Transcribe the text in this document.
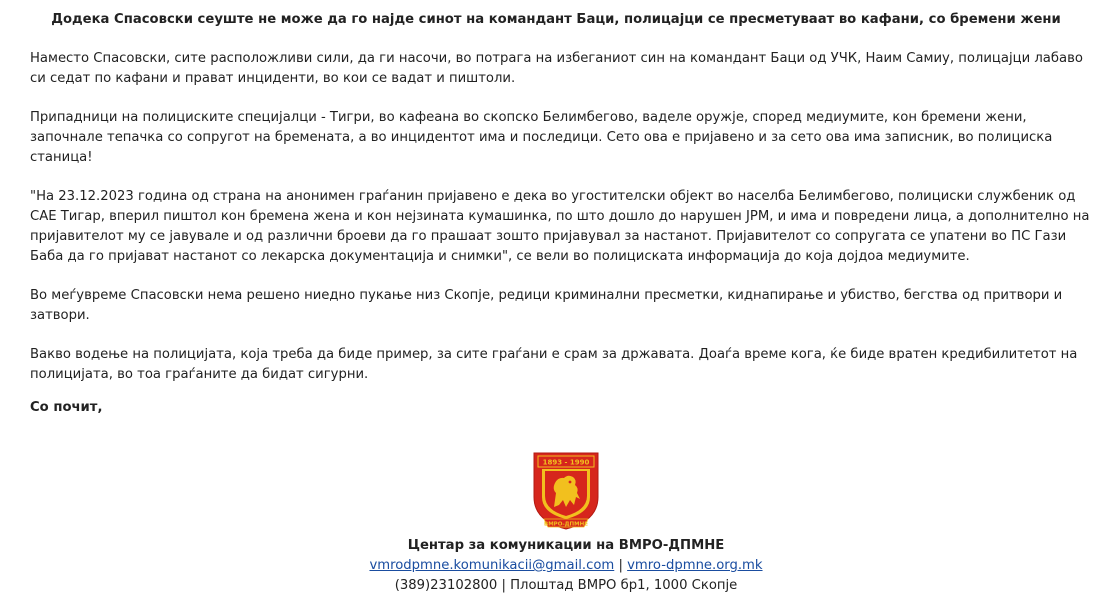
Додека Спасовски сеуште не може да го најде синот на командант Баци, полицајци се пресметуваат во кафани, со бремени жени

Наместо Спасовски, сите расположливи сили, да ги насочи, во потрага на избеганиот син на командант Баци од УЧК, Наим Самиу, полицајци лабаво си седат по кафани и прават инциденти, во кои се вадат и пиштоли.

Припадници на полициските специјалци - Тигри, во кафеана во скопско Белимбегово, ваделе оружје, според медиумите, кон бремени жени, започнале тепачка со сопругот на бремената, а во инцидентот има и последици. Сето ова е пријавено и за сето ова има записник, во полициска станица!

"На 23.12.2023 година од страна на анонимен граѓанин пријавено е дека во угостителски објект во населба Белимбегово, полициски службеник од САЕ Тигар, вперил пиштол кон бремена жена и кон нејзината кумашинка, по што дошло до нарушен ЈРМ, и има и повредени лица, а дополнително на пријавителот му се јавувале и од различни броеви да го прашаат зошто пријавувал за настанот. Пријавителот со сопругата се упатени во ПС Гази Баба да го пријават настанот со лекарска документација и снимки", се вели во полициската информација до која дојдоа медиумите.

Во меѓувреме Спасовски нема решено ниедно пукање низ Скопје, редици криминални пресметки, киднапирање и убиство, бегства од притвори и затвори.

Вакво водење на полицијата, која треба да биде пример, за сите граѓани е срам за државата. Доаѓа време кога, ќе биде вратен кредибилитетот на полицијата, во тоа граѓаните да бидат сигурни.

Со почит,
1893 - 1990
ВМРО-ДПМНЕ
Центар за комуникации на ВМРО-ДПМНЕ
vmrodpmne.komunikacii@gmail.com | vmro-dpmne.org.mk
(389)23102800 | Плоштад ВМРО бр1, 1000 Скопје
